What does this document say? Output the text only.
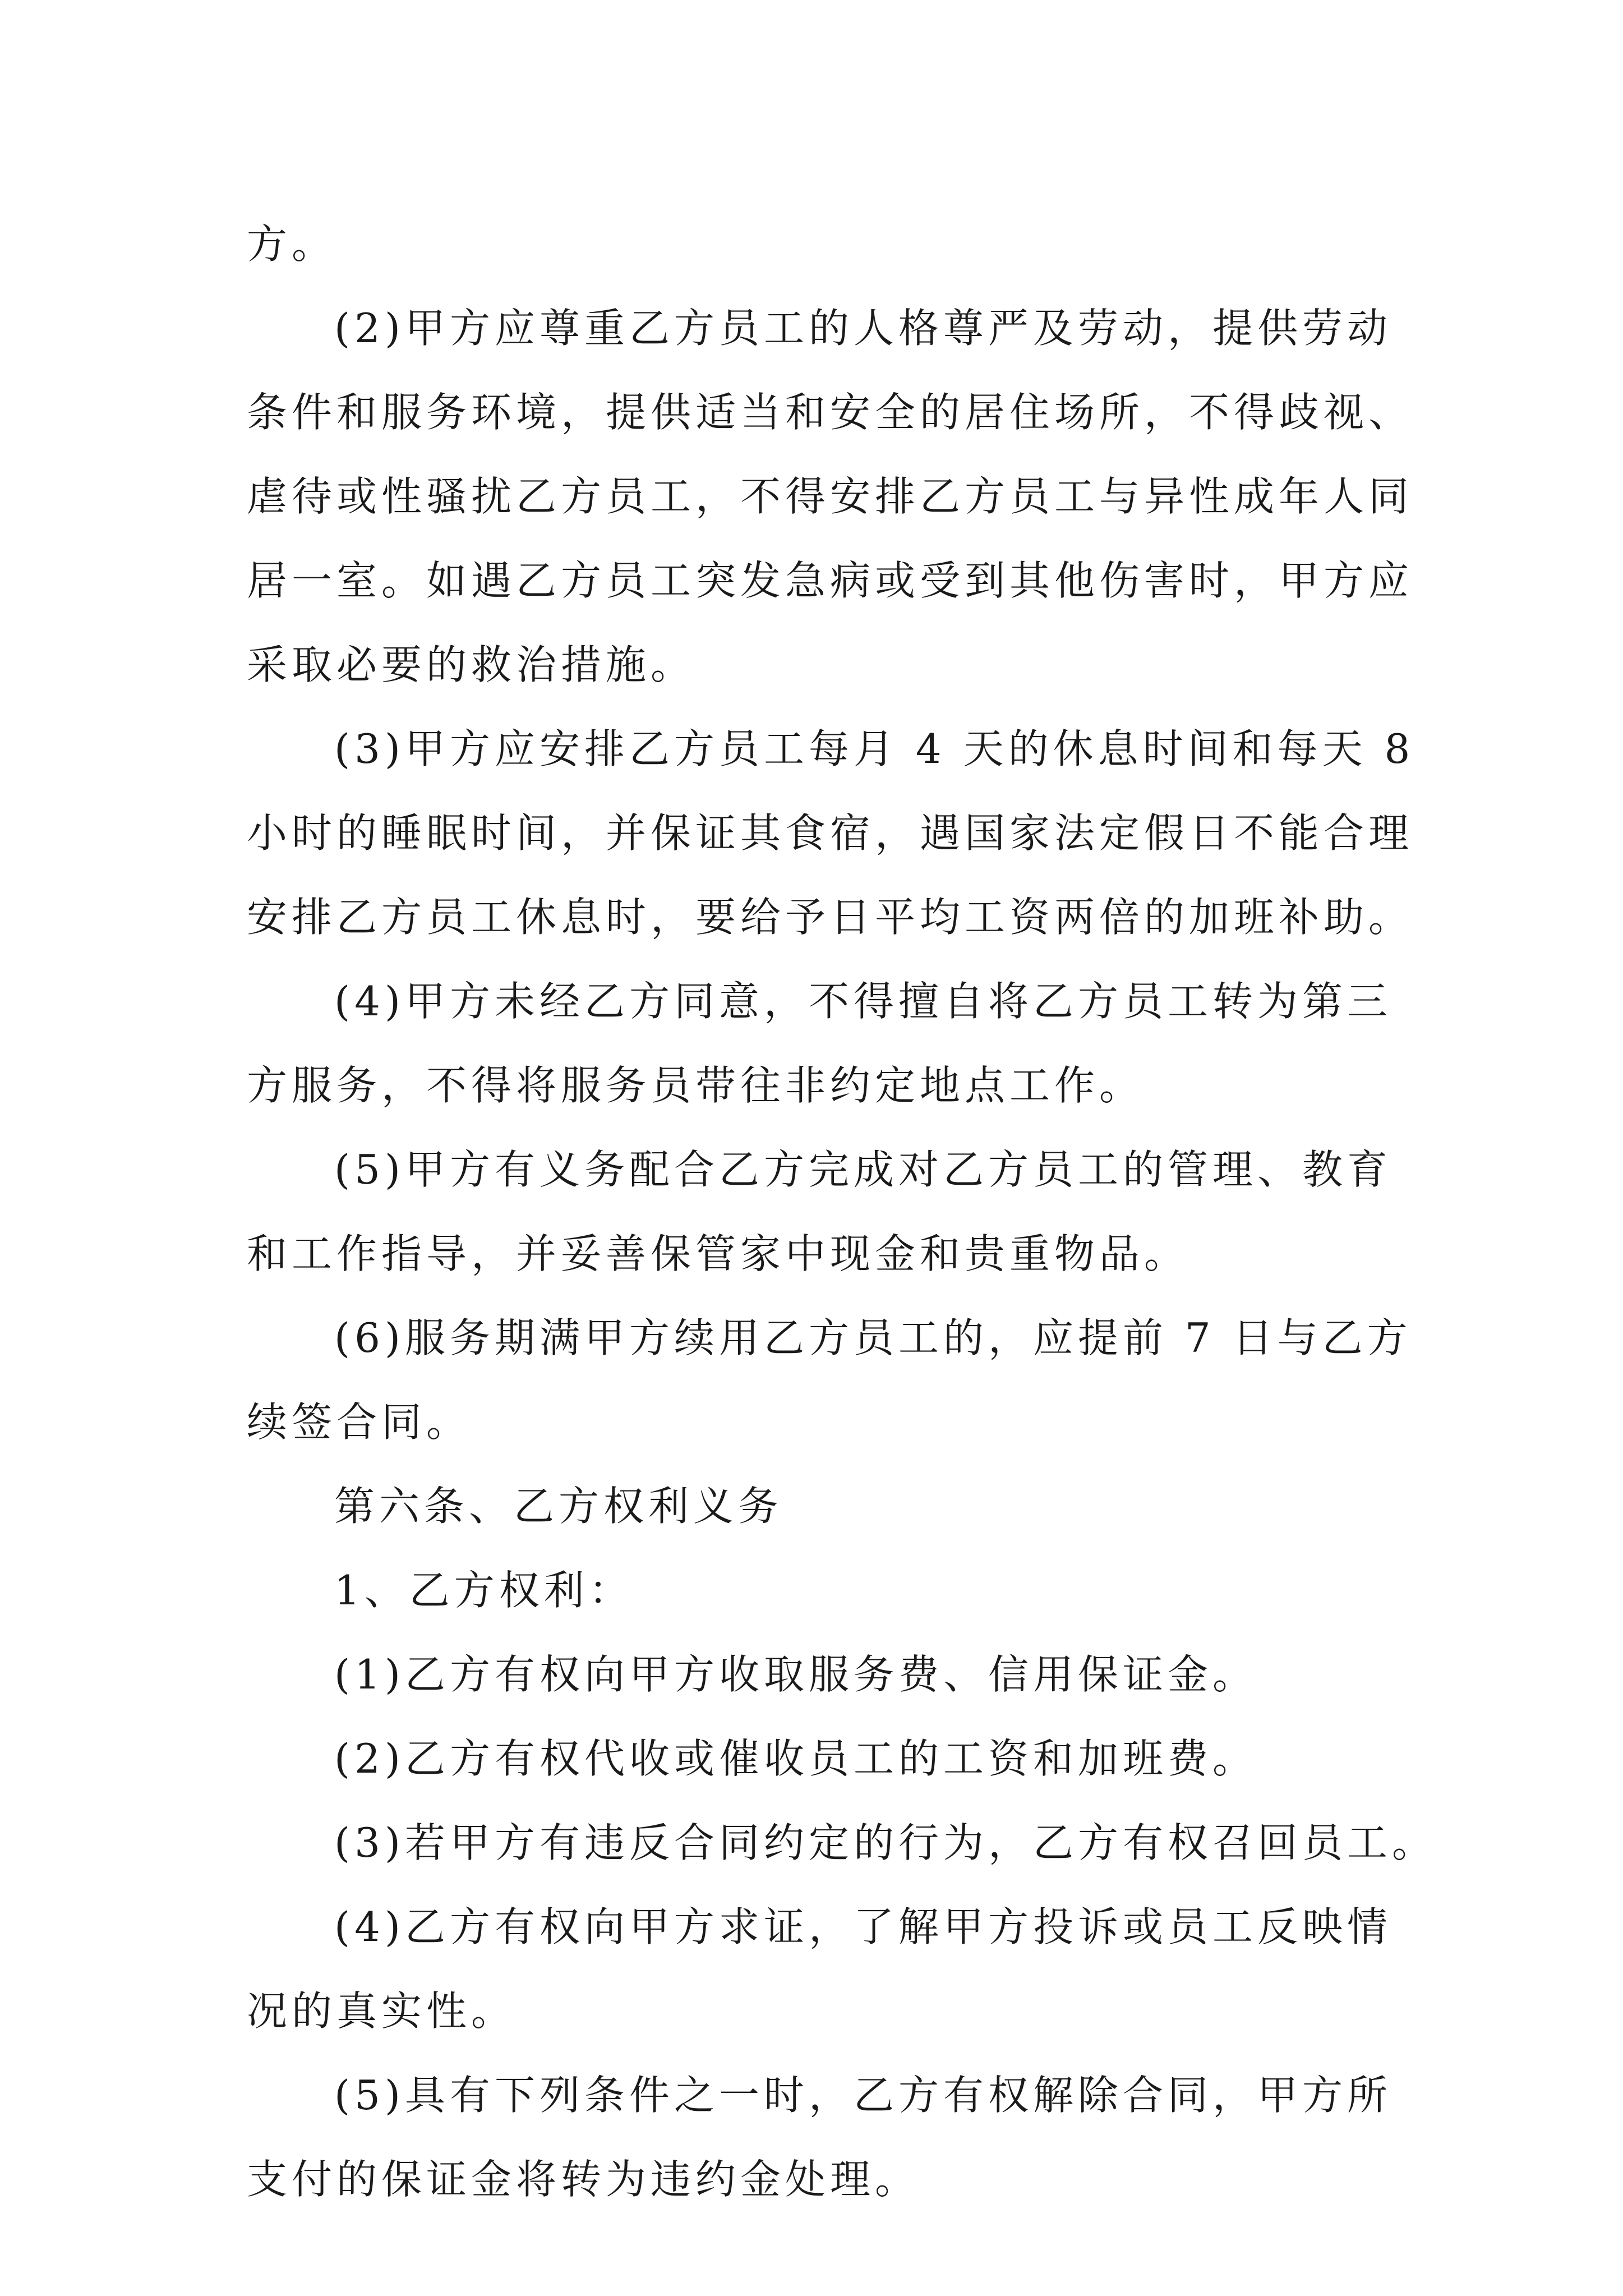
方。
(2)甲方应尊重乙方员工的人格尊严及劳动，提供劳动
条件和服务环境，提供适当和安全的居住场所，不得歧视、
虐待或性骚扰乙方员工，不得安排乙方员工与异性成年人同
居一室。如遇乙方员工突发急病或受到其他伤害时，甲方应
采取必要的救治措施。
(3)甲方应安排乙方员工每月 4 天的休息时间和每天 8
小时的睡眠时间，并保证其食宿，遇国家法定假日不能合理
安排乙方员工休息时，要给予日平均工资两倍的加班补助。
(4)甲方未经乙方同意，不得擅自将乙方员工转为第三
方服务，不得将服务员带往非约定地点工作。
(5)甲方有义务配合乙方完成对乙方员工的管理、教育
和工作指导，并妥善保管家中现金和贵重物品。
(6)服务期满甲方续用乙方员工的，应提前 7 日与乙方
续签合同。
第六条、乙方权利义务
1、乙方权利：
(1)乙方有权向甲方收取服务费、信用保证金。
(2)乙方有权代收或催收员工的工资和加班费。
(3)若甲方有违反合同约定的行为，乙方有权召回员工。
(4)乙方有权向甲方求证，了解甲方投诉或员工反映情
况的真实性。
(5)具有下列条件之一时，乙方有权解除合同，甲方所
支付的保证金将转为违约金处理。
